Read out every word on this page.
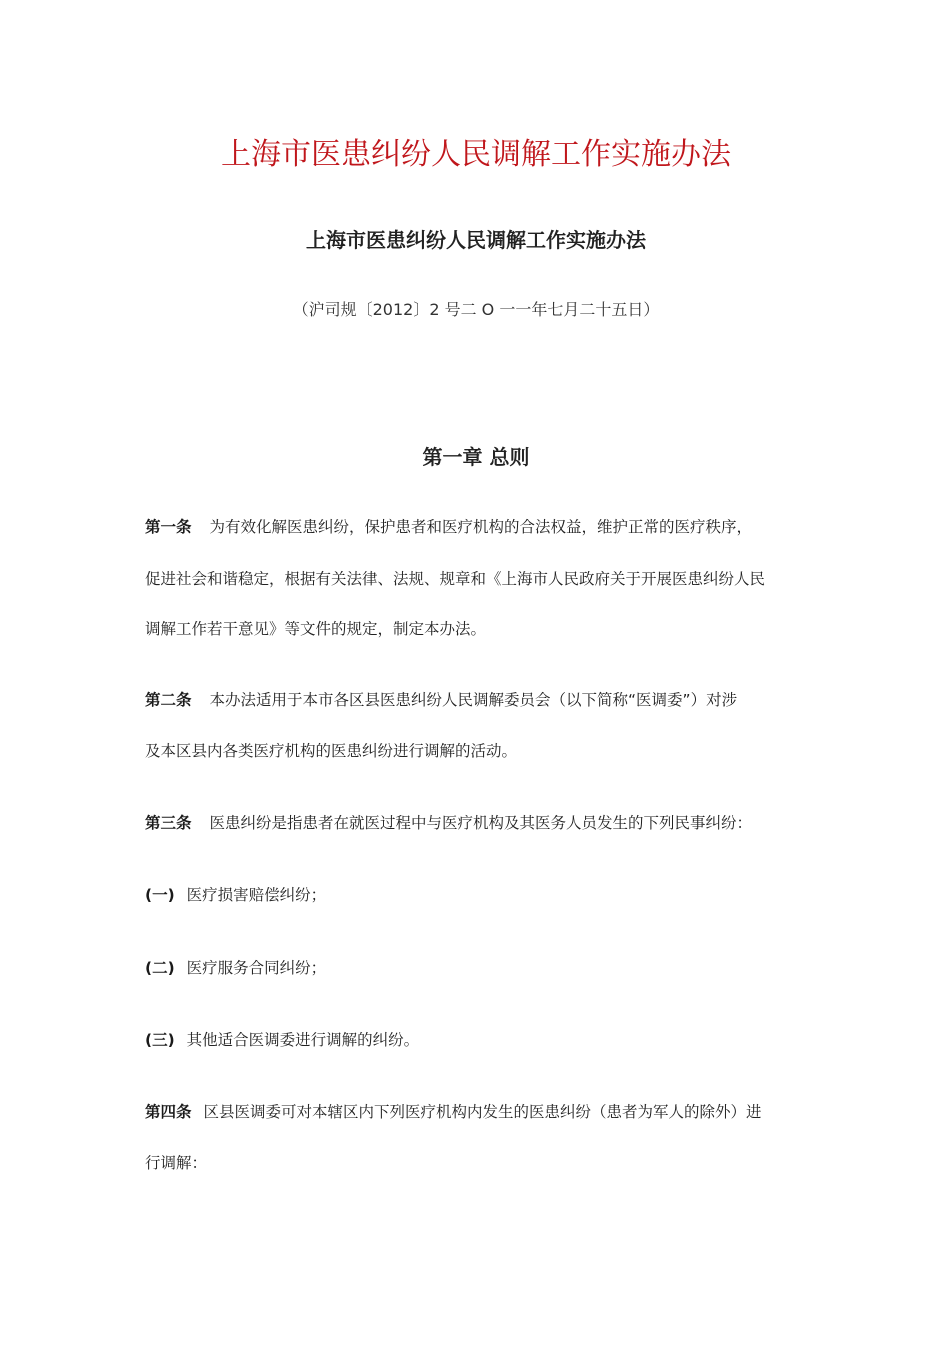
上海市医患纠纷人民调解工作实施办法
上海市医患纠纷人民调解工作实施办法
（沪司规〔2012〕2 号二 O 一一年七月二十五日）
第一章 总则
第一条 为有效化解医患纠纷，保护患者和医疗机构的合法权益，维护正常的医疗秩序，
促进社会和谐稳定，根据有关法律、法规、规章和《上海市人民政府关于开展医患纠纷人民
调解工作若干意见》等文件的规定，制定本办法。
第二条 本办法适用于本市各区县医患纠纷人民调解委员会（以下简称“医调委”）对涉
及本区县内各类医疗机构的医患纠纷进行调解的活动。
第三条 医患纠纷是指患者在就医过程中与医疗机构及其医务人员发生的下列民事纠纷：
(一) 医疗损害赔偿纠纷；
(二) 医疗服务合同纠纷；
(三) 其他适合医调委进行调解的纠纷。
第四条 区县医调委可对本辖区内下列医疗机构内发生的医患纠纷（患者为军人的除外）进
行调解：
